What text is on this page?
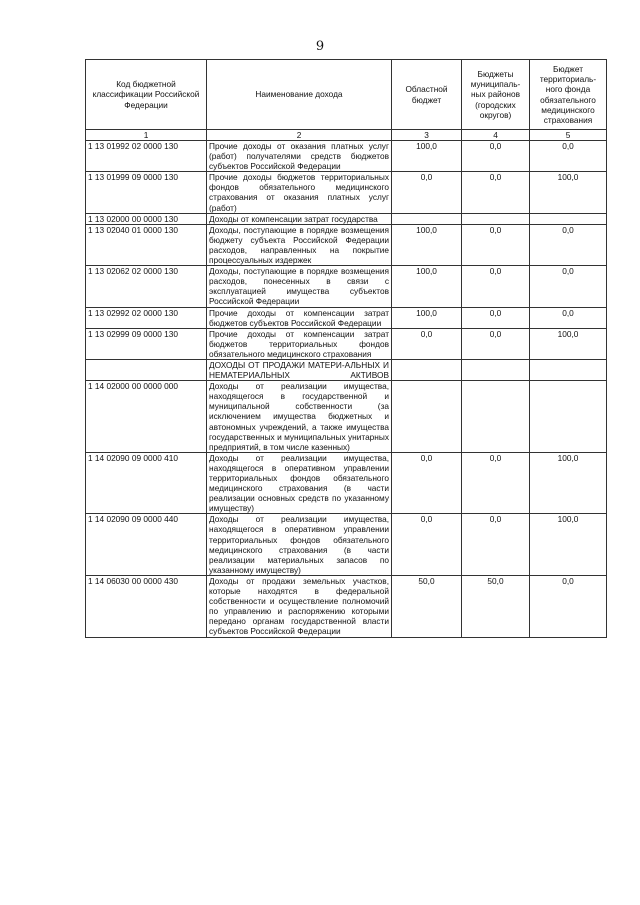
9
Код бюджетной классификации Российской Федерации	Наименование дохода	Областной бюджет	Бюджеты муниципаль-ных районов (городских округов)	Бюджет территориаль-ного фонда обязательного медицинского страхования
1	2	3	4	5
1 13 01992 02 0000 130	Прочие доходы от оказания платных услуг (работ) получателями средств бюджетов субъектов Российской Федерации	100,0	0,0	0,0
1 13 01999 09 0000 130	Прочие доходы бюджетов территориальных фондов обязательного медицинского страхования от оказания платных услуг (работ)	0,0	0,0	100,0
1 13 02000 00 0000 130	Доходы от компенсации затрат государства			
1 13 02040 01 0000 130	Доходы, поступающие в порядке возмещения бюджету субъекта Российской Федерации расходов, направленных на покрытие процессуальных издержек	100,0	0,0	0,0
1 13 02062 02 0000 130	Доходы, поступающие в порядке возмещения расходов, понесенных в связи с эксплуатацией имущества субъектов Российской Федерации	100,0	0,0	0,0
1 13 02992 02 0000 130	Прочие доходы от компенсации затрат бюджетов субъектов Российской Федерации	100,0	0,0	0,0
1 13 02999 09 0000 130	Прочие доходы от компенсации затрат бюджетов территориальных фондов обязательного медицинского страхования	0,0	0,0	100,0
	ДОХОДЫ ОТ ПРОДАЖИ МАТЕРИ-АЛЬНЫХ И НЕМАТЕРИАЛЬНЫХ АКТИВОВ			
1 14 02000 00 0000 000	Доходы от реализации имущества, находящегося в государственной и муниципальной собственности (за исключением имущества бюджетных и автономных учреждений, а также имущества государственных и муниципальных унитарных предприятий, в том числе казенных)			
1 14 02090 09 0000 410	Доходы от реализации имущества, находящегося в оперативном управлении территориальных фондов обязательного медицинского страхования (в части реализации основных средств по указанному имуществу)	0,0	0,0	100,0
1 14 02090 09 0000 440	Доходы от реализации имущества, находящегося в оперативном управлении территориальных фондов обязательного медицинского страхования (в части реализации материальных запасов по указанному имуществу)	0,0	0,0	100,0
1 14 06030 00 0000 430	Доходы от продажи земельных участков, которые находятся в федеральной собственности и осуществление полномочий по управлению и распоряжению которыми передано органам государственной власти субъектов Российской Федерации	50,0	50,0	0,0
